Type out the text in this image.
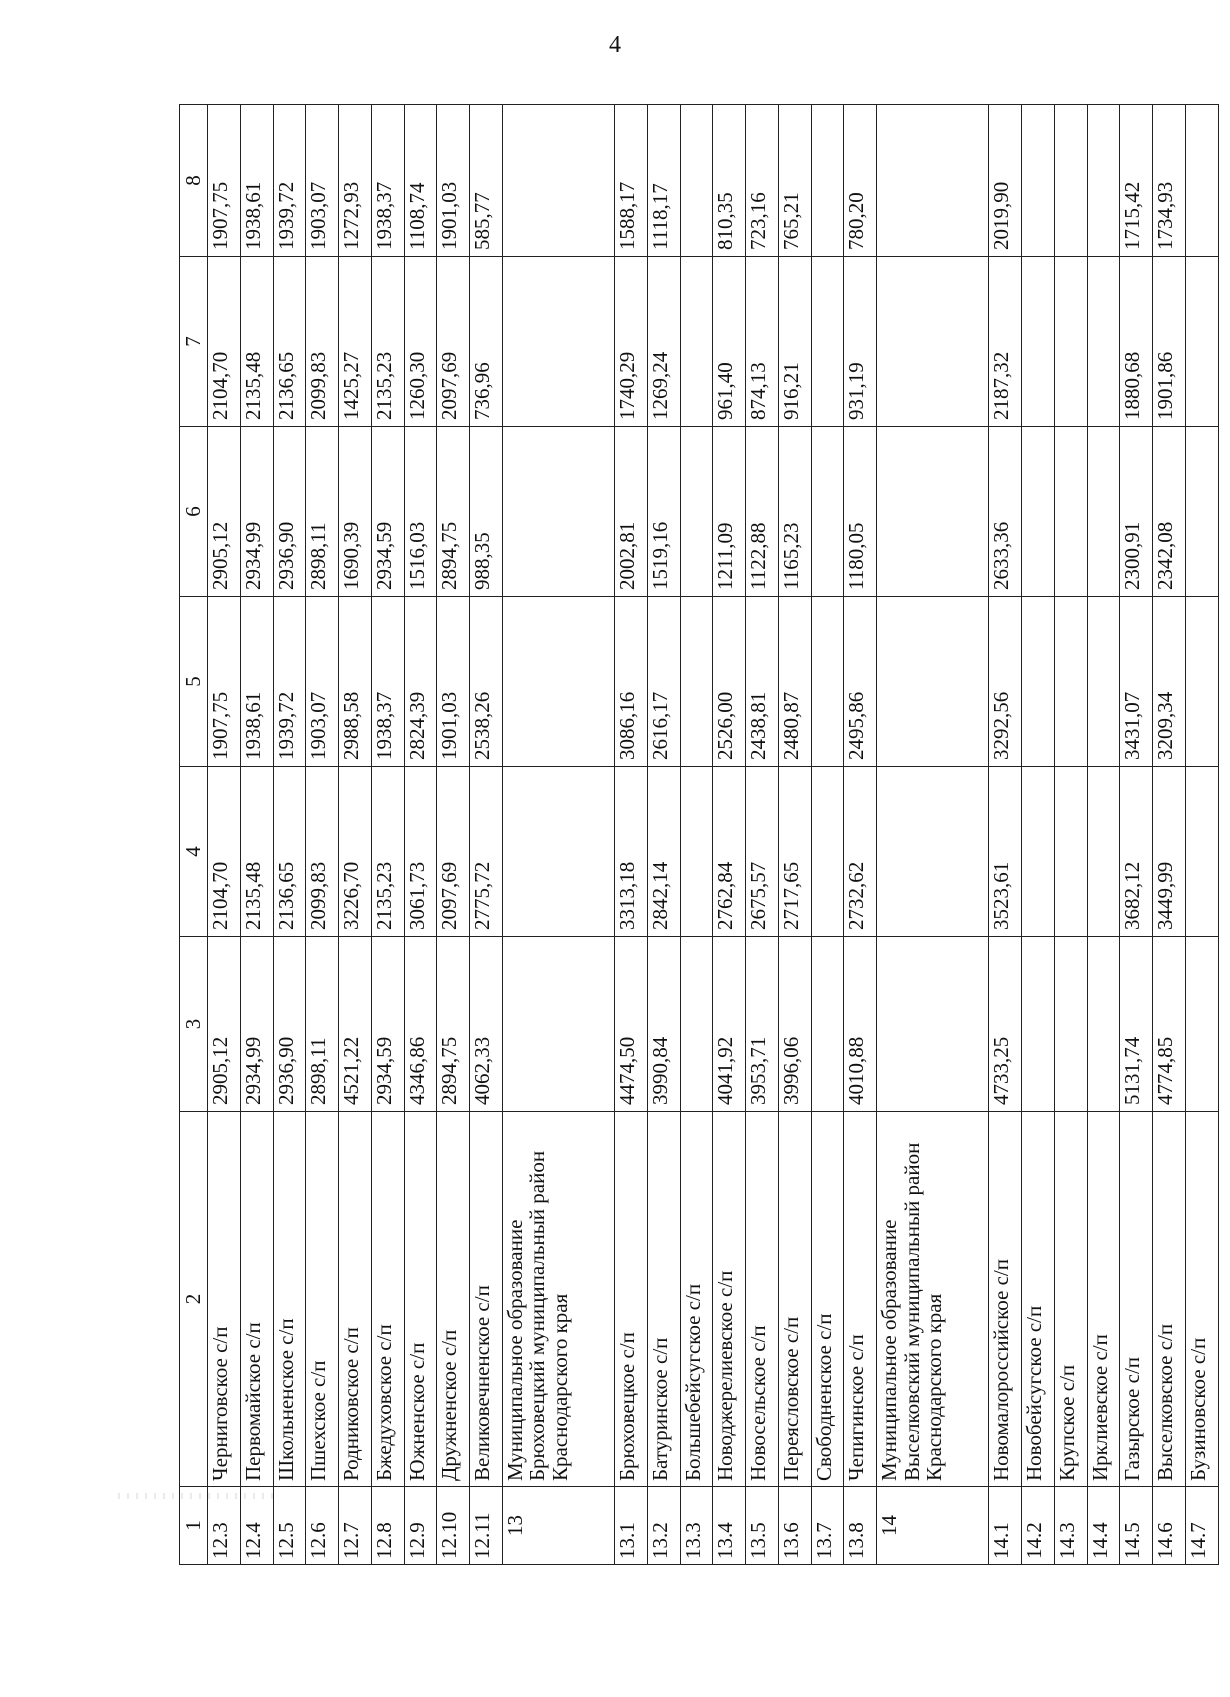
4
1	2	3	4	5	6	7	8
12.3	Черниговское с/п	2905,12	2104,70	1907,75	2905,12	2104,70	1907,75
12.4	Первомайское с/п	2934,99	2135,48	1938,61	2934,99	2135,48	1938,61
12.5	Школьненское с/п	2936,90	2136,65	1939,72	2936,90	2136,65	1939,72
12.6	Пшехское с/п	2898,11	2099,83	1903,07	2898,11	2099,83	1903,07
12.7	Родниковское с/п	4521,22	3226,70	2988,58	1690,39	1425,27	1272,93
12.8	Бжедуховское с/п	2934,59	2135,23	1938,37	2934,59	2135,23	1938,37
12.9	Южненское с/п	4346,86	3061,73	2824,39	1516,03	1260,30	1108,74
12.10	Дружненское с/п	2894,75	2097,69	1901,03	2894,75	2097,69	1901,03
12.11	Великовечненское с/п	4062,33	2775,72	2538,26	988,35	736,96	585,77
13	Муниципальное образование Брюховецкий муниципальный район Краснодарского края						
13.1	Брюховецкое с/п	4474,50	3313,18	3086,16	2002,81	1740,29	1588,17
13.2	Батуринское с/п	3990,84	2842,14	2616,17	1519,16	1269,24	1118,17
13.3	Большебейсугское с/п						
13.4	Новоджерелиевское с/п	4041,92	2762,84	2526,00	1211,09	961,40	810,35
13.5	Новосельское с/п	3953,71	2675,57	2438,81	1122,88	874,13	723,16
13.6	Переясловское с/п	3996,06	2717,65	2480,87	1165,23	916,21	765,21
13.7	Свободненское с/п						
13.8	Чепигинское с/п	4010,88	2732,62	2495,86	1180,05	931,19	780,20
14	Муниципальное образование Выселковский муниципальный район Краснодарского края						
14.1	Новомалороссийское с/п	4733,25	3523,61	3292,56	2633,36	2187,32	2019,90
14.2	Новобейсугское с/п						
14.3	Крупское с/п						
14.4	Ирклиевское с/п						
14.5	Газырское с/п	5131,74	3682,12	3431,07	2300,91	1880,68	1715,42
14.6	Выселковское с/п	4774,85	3449,99	3209,34	2342,08	1901,86	1734,93
14.7	Бузиновское с/п						
